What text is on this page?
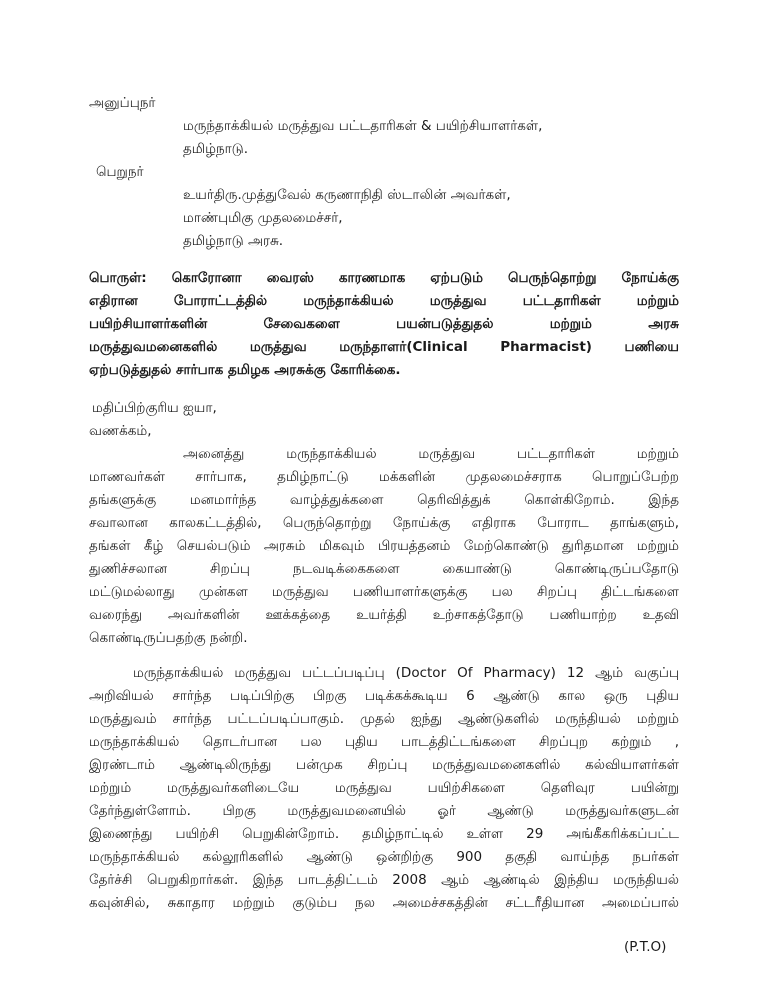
அனுப்புநர்
மருந்தாக்கியல் மருத்துவ பட்டதாரிகள் & பயிற்சியாளர்கள்,
தமிழ்நாடு.
பெறுநர்
உயர்திரு.முத்துவேல் கருணாநிதி ஸ்டாலின் அவர்கள்,
மாண்புமிகு முதலமைச்சர்,
தமிழ்நாடு அரசு.
பொருள்: கொரோனா வைரஸ் காரணமாக ஏற்படும் பெருந்தொற்று நோய்க்கு
எதிரான போராட்டத்தில் மருந்தாக்கியல் மருத்துவ பட்டதாரிகள் மற்றும்
பயிற்சியாளர்களின் சேவைகளை பயன்படுத்துதல் மற்றும் அரசு
மருத்துவமனைகளில் மருத்துவ மருந்தாளர்(Clinical Pharmacist) பணியை
ஏற்படுத்துதல் சார்பாக தமிழக அரசுக்கு கோரிக்கை.
மதிப்பிற்குரிய ஐயா,
வணக்கம்,
அனைத்து மருந்தாக்கியல் மருத்துவ பட்டதாரிகள் மற்றும்
மாணவர்கள் சார்பாக, தமிழ்நாட்டு மக்களின் முதலமைச்சராக பொறுப்பேற்ற
தங்களுக்கு மனமார்ந்த வாழ்த்துக்களை தெரிவித்துக் கொள்கிறோம். இந்த
சவாலான காலகட்டத்தில், பெருந்தொற்று நோய்க்கு எதிராக போராட தாங்களும்,
தங்கள் கீழ் செயல்படும் அரசும் மிகவும் பிரயத்தனம் மேற்கொண்டு துரிதமான மற்றும்
துணிச்சலான சிறப்பு நடவடிக்கைகளை கையாண்டு கொண்டிருப்பதோடு
மட்டுமல்லாது முன்கள மருத்துவ பணியாளர்களுக்கு பல சிறப்பு திட்டங்களை
வரைந்து அவர்களின் ஊக்கத்தை உயர்த்தி உற்சாகத்தோடு பணியாற்ற உதவி
கொண்டிருப்பதற்கு நன்றி.
மருந்தாக்கியல் மருத்துவ பட்டப்படிப்பு (Doctor Of Pharmacy) 12 ஆம் வகுப்பு
அறிவியல் சார்ந்த படிப்பிற்கு பிறகு படிக்கக்கூடிய 6 ஆண்டு கால ஒரு புதிய
மருத்துவம் சார்ந்த பட்டப்படிப்பாகும். முதல் ஐந்து ஆண்டுகளில் மருந்தியல் மற்றும்
மருந்தாக்கியல் தொடர்பான பல புதிய பாடத்திட்டங்களை சிறப்புற கற்றும் ,
இரண்டாம் ஆண்டிலிருந்து பன்முக சிறப்பு மருத்துவமனைகளில் கல்வியாளர்கள்
மற்றும் மருத்துவர்களிடையே மருத்துவ பயிற்சிகளை தெளிவுர பயின்று
தேர்ந்துள்ளோம். பிறகு மருத்துவமனையில் ஓர் ஆண்டு மருத்துவர்களுடன்
இணைந்து பயிற்சி பெறுகின்றோம். தமிழ்நாட்டில் உள்ள 29 அங்கீகரிக்கப்பட்ட
மருந்தாக்கியல் கல்லூரிகளில் ஆண்டு ஒன்றிற்கு 900 தகுதி வாய்ந்த நபர்கள்
தேர்ச்சி பெறுகிறார்கள். இந்த பாடத்திட்டம் 2008 ஆம் ஆண்டில் இந்திய மருந்தியல்
கவுன்சில், சுகாதார மற்றும் குடும்ப நல அமைச்சகத்தின் சட்டரீதியான அமைப்பால்
(P.T.O)
